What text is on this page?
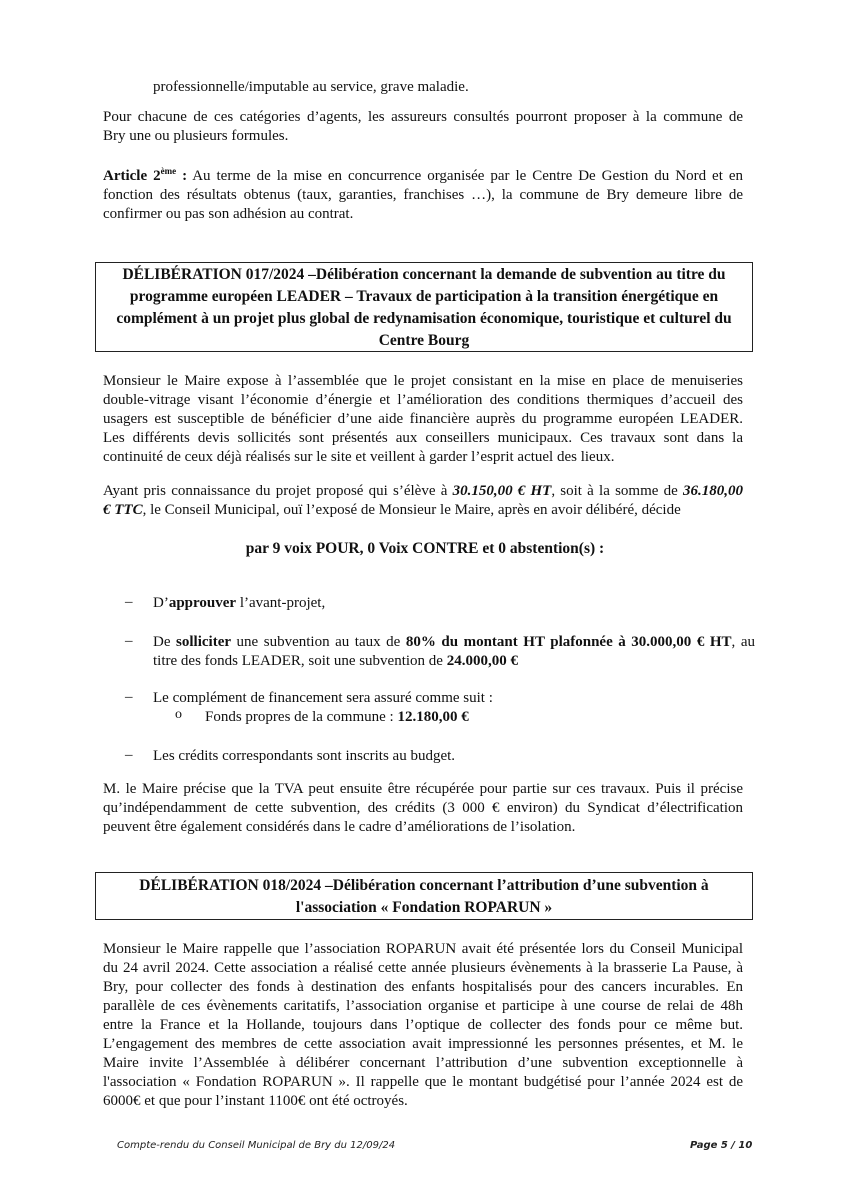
professionnelle/imputable au service, grave maladie.
Pour chacune de ces catégories d’agents, les assureurs consultés pourront proposer à la commune de
Bry une ou plusieurs formules.
Article 2ème : Au terme de la mise en concurrence organisée par le Centre De Gestion du Nord et en
fonction des résultats obtenus (taux, garanties, franchises …), la commune de Bry demeure libre de
confirmer ou pas son adhésion au contrat.

DÉLIBÉRATION 017/2024 –Délibération concernant la demande de subvention au titre du

programme européen LEADER – Travaux de participation à la transition énergétique en

complément à un projet plus global de redynamisation économique, touristique et culturel du

Centre Bourg

Monsieur le Maire expose à l’assemblée que le projet consistant en la mise en place de menuiseries
double-vitrage visant l’économie d’énergie et l’amélioration des conditions thermiques d’accueil des
usagers est susceptible de bénéficier d’une aide financière auprès du programme européen LEADER.
Les différents devis sollicités sont présentés aux conseillers municipaux. Ces travaux sont dans la
continuité de ceux déjà réalisés sur le site et veillent à garder l’esprit actuel des lieux.
Ayant pris connaissance du projet proposé qui s’élève à 30.150,00 € HT, soit à la somme de 36.180,00
€ TTC, le Conseil Municipal, ouï l’exposé de Monsieur le Maire, après en avoir délibéré, décide
par 9 voix POUR, 0 Voix CONTRE et 0 abstention(s) :
– D’approuver l’avant-projet,
– De solliciter une subvention au taux de 80% du montant HT plafonnée à 30.000,00 € HT, au
titre des fonds LEADER, soit une subvention de 24.000,00 €
– Le complément de financement sera assuré comme suit :
o Fonds propres de la commune : 12.180,00 €
– Les crédits correspondants sont inscrits au budget.
M. le Maire précise que la TVA peut ensuite être récupérée pour partie sur ces travaux. Puis il précise
qu’indépendamment de cette subvention, des crédits (3 000 € environ) du Syndicat d’électrification
peuvent être également considérés dans le cadre d’améliorations de l’isolation.

DÉLIBÉRATION 018/2024 –Délibération concernant l’attribution d’une subvention à

l'association « Fondation ROPARUN »

Monsieur le Maire rappelle que l’association ROPARUN avait été présentée lors du Conseil Municipal
du 24 avril 2024. Cette association a réalisé cette année plusieurs évènements à la brasserie La Pause, à
Bry, pour collecter des fonds à destination des enfants hospitalisés pour des cancers incurables. En
parallèle de ces évènements caritatifs, l’association organise et participe à une course de relai de 48h
entre la France et la Hollande, toujours dans l’optique de collecter des fonds pour ce même but.
L’engagement des membres de cette association avait impressionné les personnes présentes, et M. le
Maire invite l’Assemblée à délibérer concernant l’attribution d’une subvention exceptionnelle à
l'association « Fondation ROPARUN ». Il rappelle que le montant budgétisé pour l’année 2024 est de
6000€ et que pour l’instant 1100€ ont été octroyés.
Compte-rendu du Conseil Municipal de Bry du 12/09/24	Page 5 / 10
